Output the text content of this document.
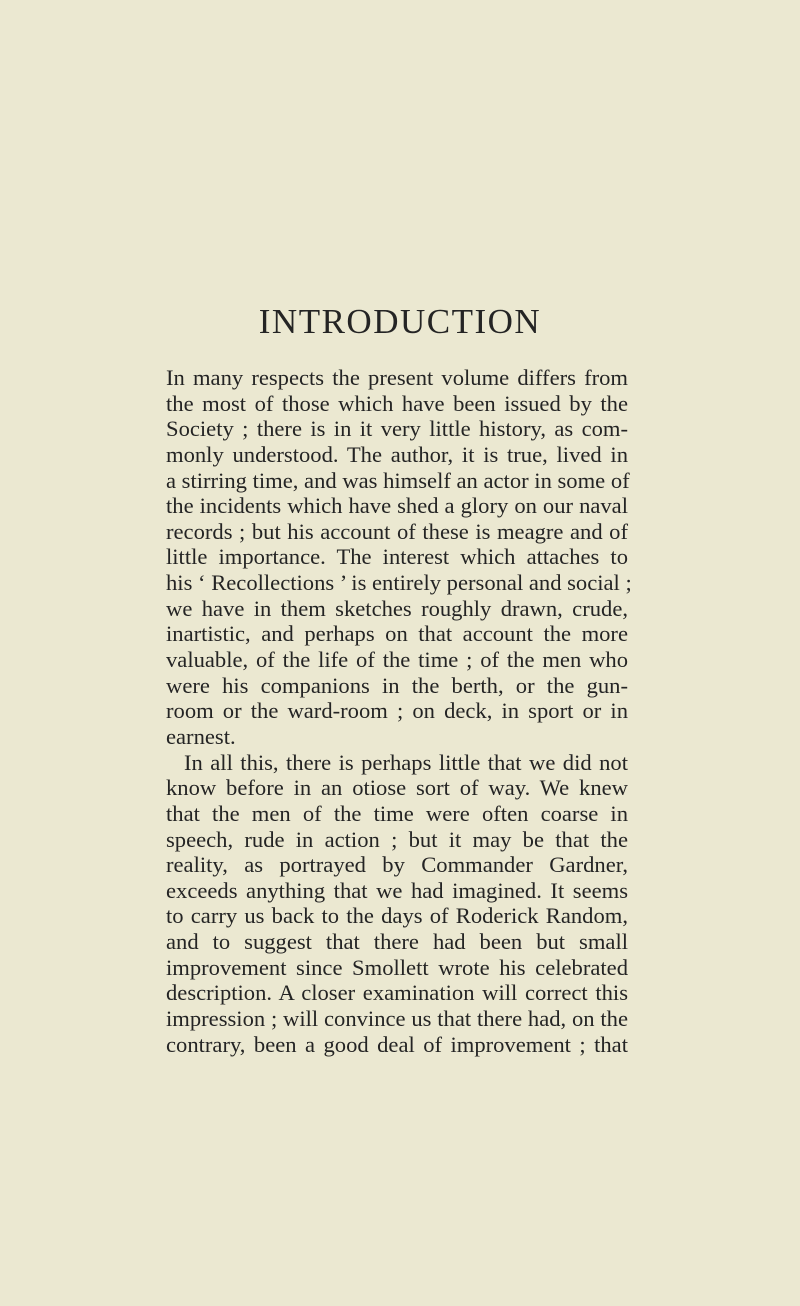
INTRODUCTION
In many respects the present volume differs from
the most of those which have been issued by the
Society ; there is in it very little history, as com-
monly understood. The author, it is true, lived in
a stirring time, and was himself an actor in some of
the incidents which have shed a glory on our naval
records ; but his account of these is meagre and of
little importance. The interest which attaches to
his ‘ Recollections ’ is entirely personal and social ;
we have in them sketches roughly drawn, crude,
inartistic, and perhaps on that account the more
valuable, of the life of the time ; of the men who
were his companions in the berth, or the gun-
room or the ward-room ; on deck, in sport or in
earnest.
In all this, there is perhaps little that we did not
know before in an otiose sort of way. We knew
that the men of the time were often coarse in
speech, rude in action ; but it may be that the
reality, as portrayed by Commander Gardner,
exceeds anything that we had imagined. It seems
to carry us back to the days of Roderick Random,
and to suggest that there had been but small
improvement since Smollett wrote his celebrated
description. A closer examination will correct this
impression ; will convince us that there had, on the
contrary, been a good deal of improvement ; that
